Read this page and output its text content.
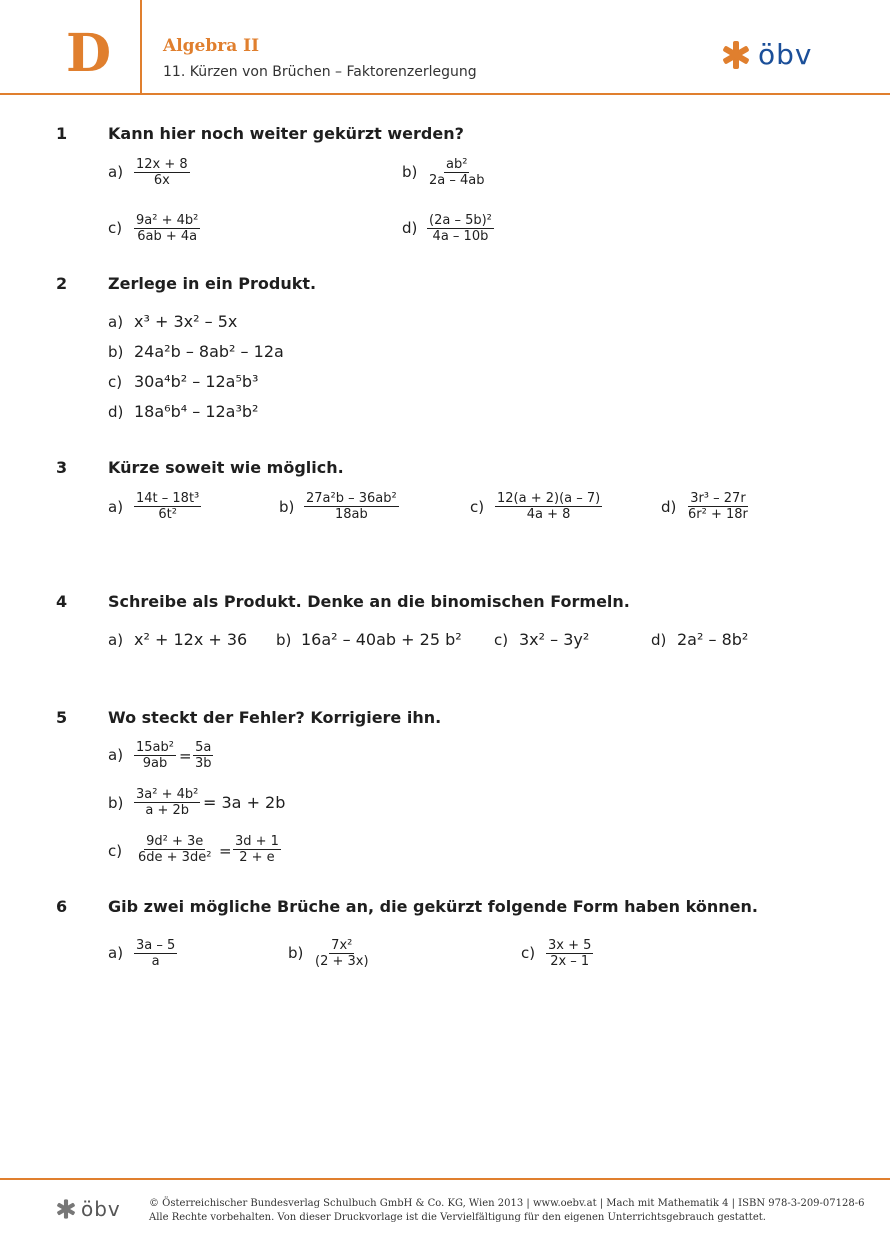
D	Algebra II
11. Kürzen von Brüchen – Faktorenzerlegung
öbv
1	Kann hier noch weiter gekürzt werden?
$a) \frac{12x + 8}{6x}$	$b) \frac{\text{ab²}}{2a - 4ab}$
$c) \frac{\text{9a² + 4b²}}{6ab + 4a}$	$d) \frac{\text{(2a – 5b)²}}{4a - 10b}$
2	Zerlege in ein Produkt.
a) x³ + 3x² – 5x
b) 24a²b – 8ab² – 12a
c) 30a⁴b² – 12a⁵b³
d) 18a⁶b⁴ – 12a³b²
3	Kürze soweit wie möglich.
$a) \frac{\text{14t – 18t³}}{\text{6t²}}$	$b) \frac{\text{27a²b – 36ab²}}{18ab}$	$c) \frac{12(a + 2)(a - 7)}{4a + 8}$	$d) \frac{\text{3r³ – 27r}}{\text{6r² + 18r}}$
4	Schreibe als Produkt. Denke an die binomischen Formeln.
a) x² + 12x + 36 b) 16a² – 40ab + 25 b² c) 3x² – 3y²	d) 2a² – 8b²
5	Wo steckt der Fehler? Korrigiere ihn.
$a) \frac{\text{15ab²}}{9ab} = \frac{5a}{3b}$
$b) \frac{\text{3a² + 4b²}}{a + 2b} = 3a + 2b$
$c) \frac{\text{9d² + 3e}}{\text{6de + 3de²}} = \frac{3d + 1}{2 + e}$
6	Gib zwei mögliche Brüche an, die gekürzt folgende Form haben können.
$a) \frac{3a - 5}{a}$	$b) \frac{\text{7x²}}{(2 + 3x)}$	$c) \frac{3x + 5}{2x - 1}$
öbv	© Österreichischer Bundesverlag Schulbuch GmbH & Co. KG, Wien 2013 | www.oebv.at | Mach mit Mathematik 4 | ISBN 978-3-209-07128-6
Alle Rechte vorbehalten. Von dieser Druckvorlage ist die Vervielfältigung für den eigenen Unterrichtsgebrauch gestattet.
